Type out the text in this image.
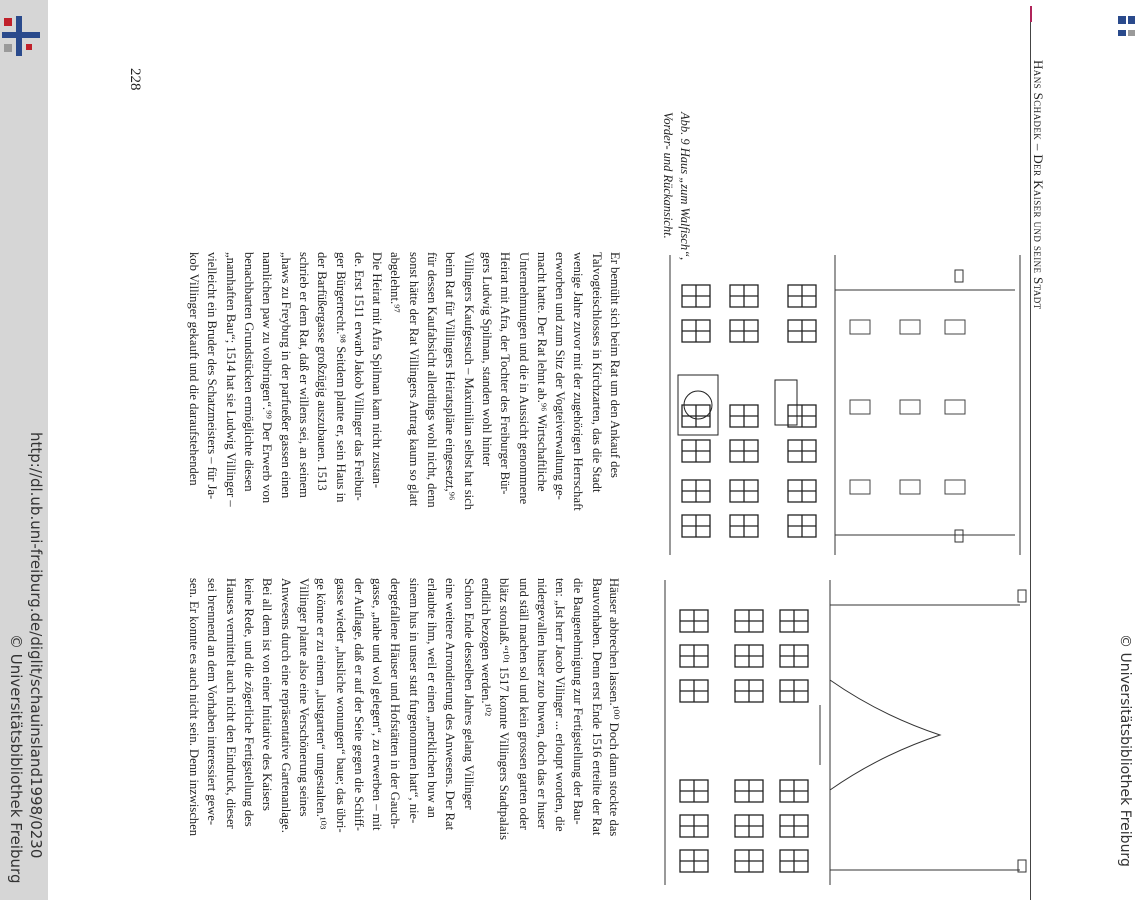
Hans Schadek – Der Kaiser und seine Stadt
228
Abb. 9 Haus „zum Walfisch“,
Vorder- und Rückansicht.
http://dl.ub.uni-freiburg.de/diglit/schauinsland1998/0230
© Universitätsbibliothek Freiburg	© Universitätsbibliothek Freiburg
Er bemüht sich beim Rat um den Ankauf des
Talvogteischlosses in Kirchzarten, das die Stadt
wenige Jahre zuvor mit der zugehörigen Herrschaft
erworben und zum Sitz der Vogteiverwaltung ge-
macht hatte. Der Rat lehnt ab.⁹⁶ Wirtschaftliche
Unternehmungen und die in Aussicht genommene
Heirat mit Afra, der Tochter des Freiburger Bür-
gers Ludwig Spilman, standen wohl hinter
Villingers Kaufgesuch – Maximilian selbst hat sich
beim Rat für Villingers Heiratspläne eingesetzt,⁹⁶
für dessen Kaufabsicht allerdings wohl nicht, denn
sonst hätte der Rat Villingers Antrag kaum so glatt
abgelehnt.⁹⁷
Die Heirat mit Afra Spilman kam nicht zustan-
de. Erst 1511 erwarb Jakob Villinger das Freibur-
ger Bürgerrecht.⁹⁸ Seitdem plante er, sein Haus in
der Barfüßergasse großzügig auszubauen. 1513
schrieb er dem Rat, daß er willens sei, an seinem
„haws zu Freyburg in der parfueßer gassen einen
namlichen paw zu volbringen“.⁹⁹ Der Erwerb von
benachbarten Grundstücken ermöglichte diesen
„namhaften Bau“; 1514 hat sie Ludwig Villinger –
vielleicht ein Bruder des Schatzmeisters – für Ja-
kob Villinger gekauft und die daraufstehenden
Häuser abbrechen lassen.¹⁰⁰ Doch dann stockte das
Bauvorhaben. Denn erst Ende 1516 erteilte der Rat
die Baugenehmigung zur Fertigstellung der Bau-
ten: „Ist herr Jacob Vilinger ... erloupt worden, die
nidergevallen huser zuo buwen, doch das er huser
und ställ machen sol und kein grossen garten oder
blätz stonlaß.“¹⁰¹ 1517 konnte Villingers Stadtpalais
endlich bezogen werden.¹⁰²
Schon Ende desselben Jahres gelang Villinger
eine weitere Arrondierung des Anwesens. Der Rat
erlaubte ihm, weil er einen „merklichen buw an
sinem hus in unser statt furgenommen hatt“, nie-
dergefallene Häuser und Hofstätten in der Gauch-
gasse, „nahe und wol gelegen“, zu erwerben – mit
der Auflage, daß er auf der Seite gegen die Schiff-
gasse wieder „husliche wonungen“ baue; das übri-
ge könne er zu einem „lustgarten“ umgestalten.¹⁰³
Villinger plante also eine Verschönerung seines
Anwesens durch eine repräsentative Gartenanlage.
Bei all dem ist von einer Initiative des Kaisers
keine Rede, und die zögerliche Fertigstellung des
Hauses vermittelt auch nicht den Eindruck, dieser
sei brennend an dem Vorhaben interessiert gewe-
sen. Er konnte es auch nicht sein. Denn inzwischen
